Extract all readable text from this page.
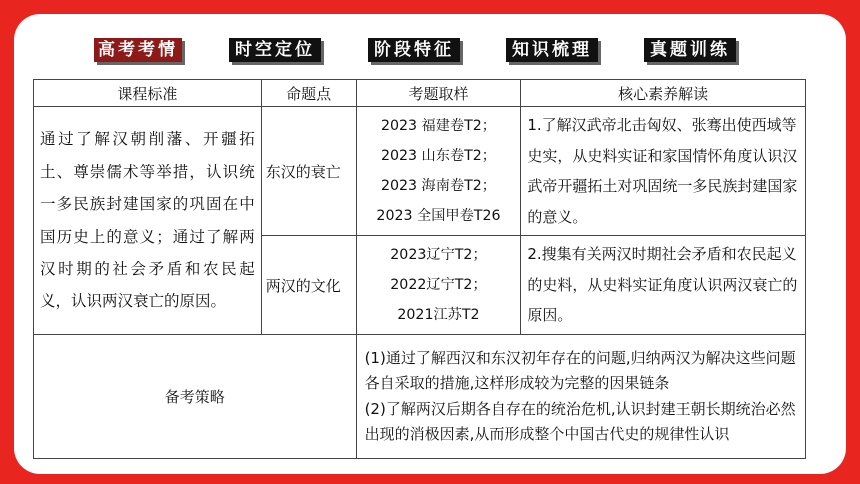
高考考情	时空定位	阶段特征	知识梳理	真题训练
课程标准	命题点	考题取样	核心素养解读
通过了解汉朝削藩、开疆拓土、尊崇儒术等举措，认识统一多民族封建国家的巩固在中国历史上的意义；通过了解两汉时期的社会矛盾和农民起义，认识两汉衰亡的原因。	东汉的衰亡	2023 福建卷T2；
2023 山东卷T2；
2023 海南卷T2；
2023 全国甲卷T26	1.了解汉武帝北击匈奴、张骞出使西域等史实，从史料实证和家国情怀角度认识汉武帝开疆拓土对巩固统一多民族封建国家的意义。
	两汉的文化	2023辽宁T2；
2022辽宁T2；
2021江苏T2	2.搜集有关两汉时期社会矛盾和农民起义的史料，从史料实证角度认识两汉衰亡的原因。
备考策略		(1)通过了解西汉和东汉初年存在的问题,归纳两汉为解决这些问题各自采取的措施,这样形成较为完整的因果链条
(2)了解两汉后期各自存在的统治危机,认识封建王朝长期统治必然出现的消极因素,从而形成整个中国古代史的规律性认识	
